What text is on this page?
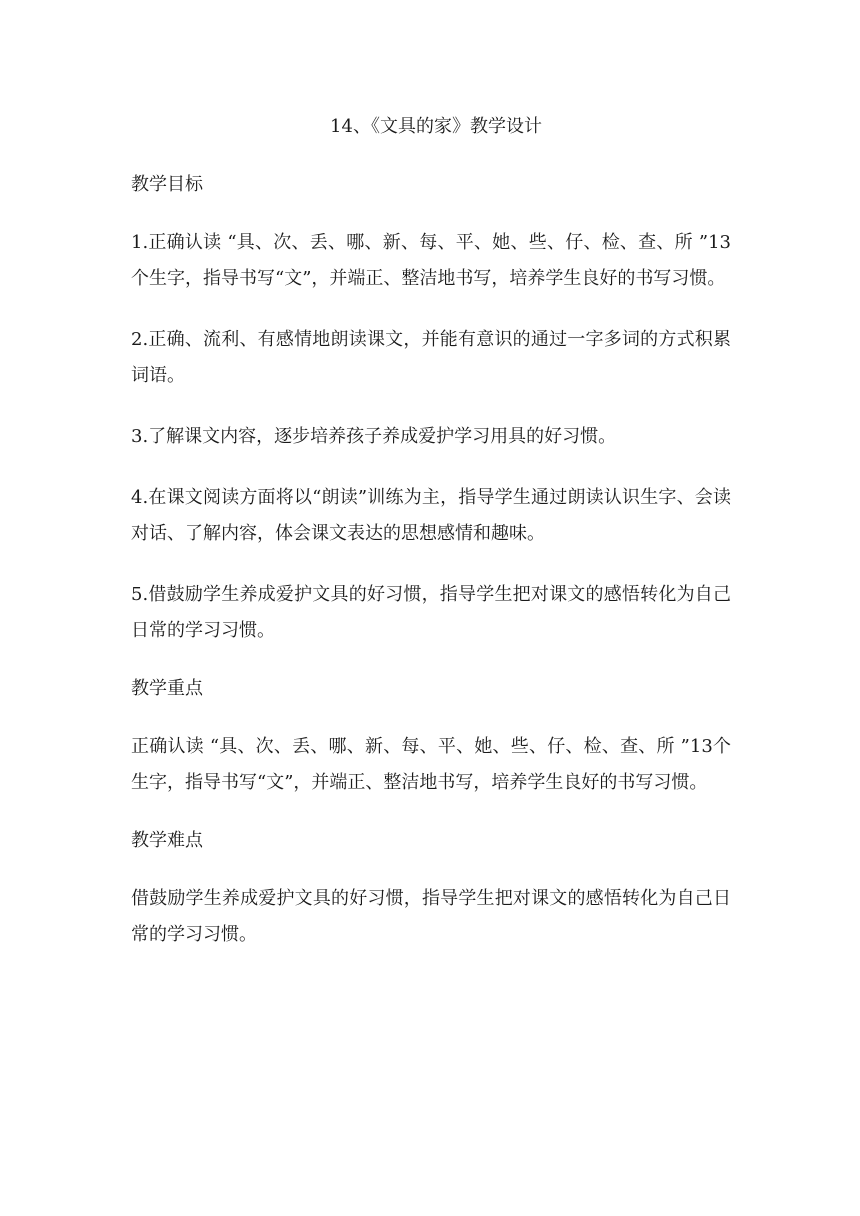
14、《文具的家》教学设计
教学目标

1.正确认读 “具、次、丢、哪、新、每、平、她、些、仔、检、查、所 ”13个生字，指导书写“文”，并端正、整洁地书写，培养学生良好的书写习惯。

2.正确、流利、有感情地朗读课文，并能有意识的通过一字多词的方式积累词语。

3.了解课文内容，逐步培养孩子养成爱护学习用具的好习惯。

4.在课文阅读方面将以“朗读”训练为主，指导学生通过朗读认识生字、会读对话、了解内容，体会课文表达的思想感情和趣味。

5.借鼓励学生养成爱护文具的好习惯，指导学生把对课文的感悟转化为自己日常的学习习惯。

教学重点

正确认读 “具、次、丢、哪、新、每、平、她、些、仔、检、查、所 ”13个生字，指导书写“文”，并端正、整洁地书写，培养学生良好的书写习惯。

教学难点

借鼓励学生养成爱护文具的好习惯，指导学生把对课文的感悟转化为自己日常的学习习惯。
